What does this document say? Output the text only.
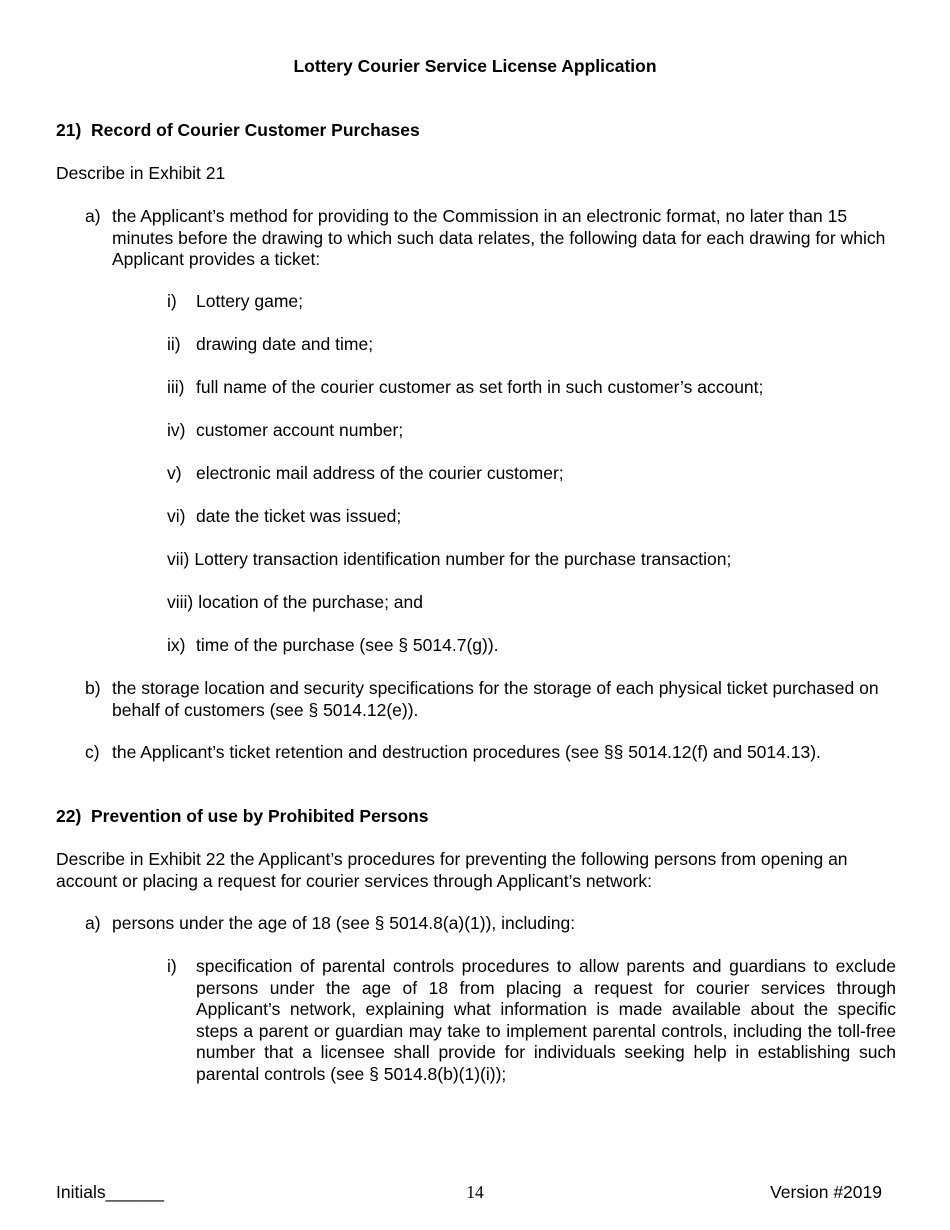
Lottery Courier Service License Application
21) Record of Courier Customer Purchases
Describe in Exhibit 21
a) the Applicant’s method for providing to the Commission in an electronic format, no later than 15 minutes before the drawing to which such data relates, the following data for each drawing for which Applicant provides a ticket:
i)	Lottery game;
ii) drawing date and time;
iii) full name of the courier customer as set forth in such customer’s account;
iv) customer account number;
v) electronic mail address of the courier customer;
vi) date the ticket was issued;
vii) Lottery transaction identification number for the purchase transaction;
viii) location of the purchase; and
ix) time of the purchase (see § 5014.7(g)).
b) the storage location and security specifications for the storage of each physical ticket purchased on behalf of customers (see § 5014.12(e)).
c) the Applicant’s ticket retention and destruction procedures (see §§ 5014.12(f) and 5014.13).
22) Prevention of use by Prohibited Persons
Describe in Exhibit 22 the Applicant’s procedures for preventing the following persons from opening an account or placing a request for courier services through Applicant’s network:
a) persons under the age of 18 (see § 5014.8(a)(1)), including:
i)	specification of parental controls procedures to allow parents and guardians to exclude persons under the age of 18 from placing a request for courier services through Applicant’s network, explaining what information is made available about the specific steps a parent or guardian may take to implement parental controls, including the toll-free number that a licensee shall provide for individuals seeking help in establishing such parental controls (see § 5014.8(b)(1)(i));
Initials______	14	Version #2019
